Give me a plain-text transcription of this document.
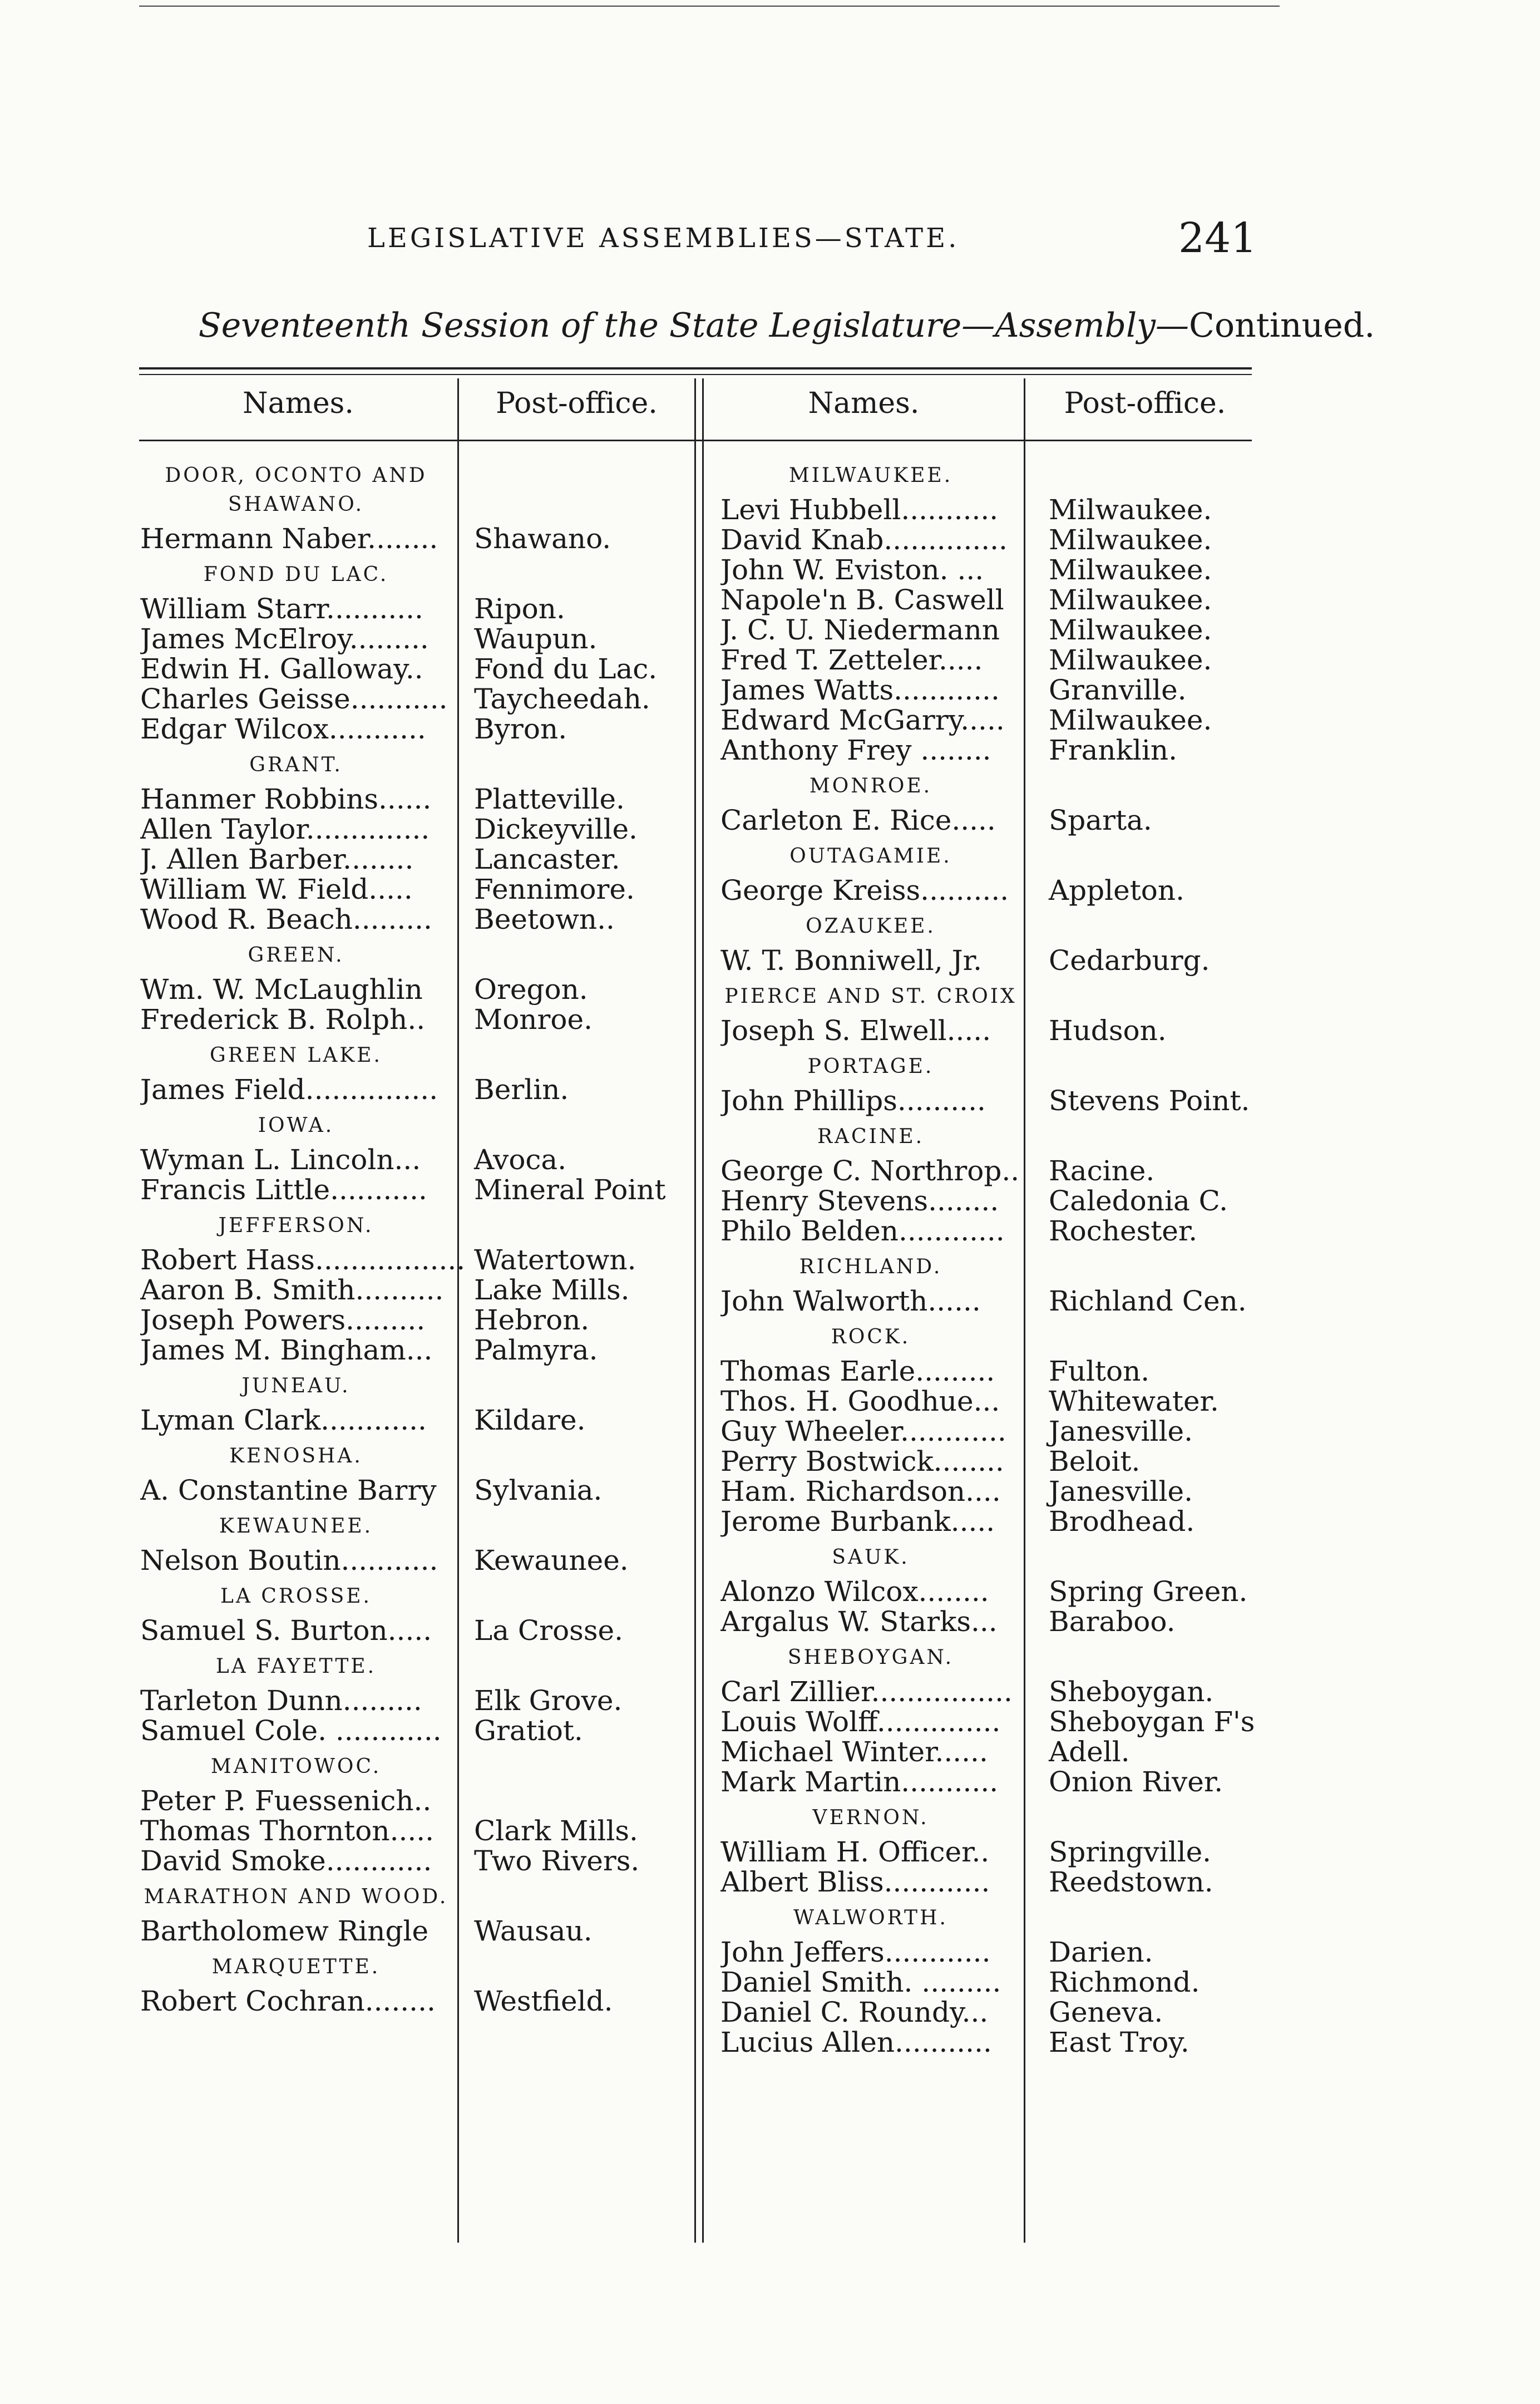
LEGISLATIVE ASSEMBLIES—STATE.	241
Seventeenth Session of the State Legislature—Assembly—Continued.
Names.	Post-office.	Names.	Post-office.
DOOR, OCONTO AND SHAWANO.
Hermann Naber........	Shawano.
FOND DU LAC.
William Starr...........	Ripon.
James McElroy.........	Waupun.
Edwin H. Galloway..	Fond du Lac.
Charles Geisse........... Taycheedah.
Edgar Wilcox...........	Byron.
GRANT.
Hanmer Robbins......	Platteville.
Allen Taylor..............	Dickeyville.
J. Allen Barber........	Lancaster.
William W. Field.....	Fennimore.
Wood R. Beach.........	Beetown..
GREEN.
Wm. W. McLaughlin	Oregon.
Frederick B. Rolph..	Monroe.
GREEN LAKE.
James Field...............	Berlin.
IOWA.
Wyman L. Lincoln...	Avoca.
Francis Little...........	Mineral Point
JEFFERSON.
Robert Hass................. Watertown.
Aaron B. Smith..........	Lake Mills.
Joseph Powers.........	Hebron.
James M. Bingham...	Palmyra.
JUNEAU.
Lyman Clark............	Kildare.
KENOSHA.
A. Constantine Barry	Sylvania.
KEWAUNEE.
Nelson Boutin...........	Kewaunee.
LA CROSSE.
Samuel S. Burton.....	La Crosse.
LA FAYETTE.
Tarleton Dunn.........	Elk Grove.
Samuel Cole. ............	Gratiot.
MANITOWOC.
Peter P. Fuessenich..
Thomas Thornton.....	Clark Mills.
David Smoke............	Two Rivers.
MARATHON AND WOOD.
Bartholomew Ringle	Wausau.
MARQUETTE.
Robert Cochran........	Westfield.
MILWAUKEE.
Levi Hubbell...........	Milwaukee.
David Knab..............	Milwaukee.
John W. Eviston. ...	Milwaukee.
Napole'n B. Caswell	Milwaukee.
J. C. U. Niedermann	Milwaukee.
Fred T. Zetteler.....	Milwaukee.
James Watts............	Granville.
Edward McGarry.....	Milwaukee.
Anthony Frey ........	Franklin.
MONROE.
Carleton E. Rice.....	Sparta.
OUTAGAMIE.
George Kreiss..........	Appleton.
OZAUKEE.
W. T. Bonniwell, Jr.	Cedarburg.
PIERCE AND ST. CROIX
Joseph S. Elwell.....	Hudson.
PORTAGE.
John Phillips..........	Stevens Point.
RACINE.
George C. Northrop..	Racine.
Henry Stevens........	Caledonia C.
Philo Belden............	Rochester.
RICHLAND.
John Walworth......	Richland Cen.
ROCK.
Thomas Earle.........	Fulton.
Thos. H. Goodhue...	Whitewater.
Guy Wheeler............	Janesville.
Perry Bostwick........	Beloit.
Ham. Richardson....	Janesville.
Jerome Burbank.....	Brodhead.
SAUK.
Alonzo Wilcox........	Spring Green.
Argalus W. Starks...	Baraboo.
SHEBOYGAN.
Carl Zillier................	Sheboygan.
Louis Wolff..............	Sheboygan F's
Michael Winter......	Adell.
Mark Martin...........	Onion River.
VERNON.
William H. Officer..	Springville.
Albert Bliss............	Reedstown.
WALWORTH.
John Jeffers............	Darien.
Daniel Smith. .........	Richmond.
Daniel C. Roundy...	Geneva.
Lucius Allen...........	East Troy.
